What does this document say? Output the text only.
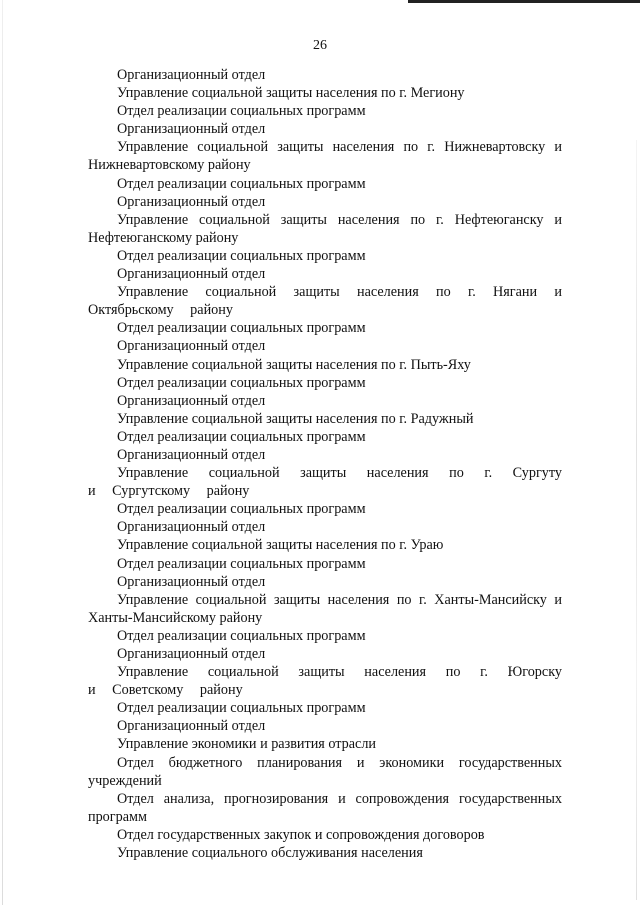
26

Организационный отдел

Управление социальной защиты населения по г. Мегиону

Отдел реализации социальных программ

Организационный отдел

Управление социальной защиты населения по г. Нижневартовску и Нижневартовскому району

Отдел реализации социальных программ

Организационный отдел

Управление социальной защиты населения по г. Нефтеюганску и Нефтеюганскому району

Отдел реализации социальных программ

Организационный отдел

Управление социальной защиты населения по г. Нягани и Октябрьскому району

Отдел реализации социальных программ

Организационный отдел

Управление социальной защиты населения по г. Пыть-Яху

Отдел реализации социальных программ

Организационный отдел

Управление социальной защиты населения по г. Радужный

Отдел реализации социальных программ

Организационный отдел

Управление социальной защиты населения по г. Сургуту и Сургутскому району

Отдел реализации социальных программ

Организационный отдел

Управление социальной защиты населения по г. Ураю

Отдел реализации социальных программ

Организационный отдел

Управление социальной защиты населения по г. Ханты-Мансийску и Ханты-Мансийскому району

Отдел реализации социальных программ

Организационный отдел

Управление социальной защиты населения по г. Югорску и Советскому району

Отдел реализации социальных программ

Организационный отдел

Управление экономики и развития отрасли

Отдел бюджетного планирования и экономики государственных учреждений

Отдел анализа, прогнозирования и сопровождения государственных программ

Отдел государственных закупок и сопровождения договоров

Управление социального обслуживания населения
